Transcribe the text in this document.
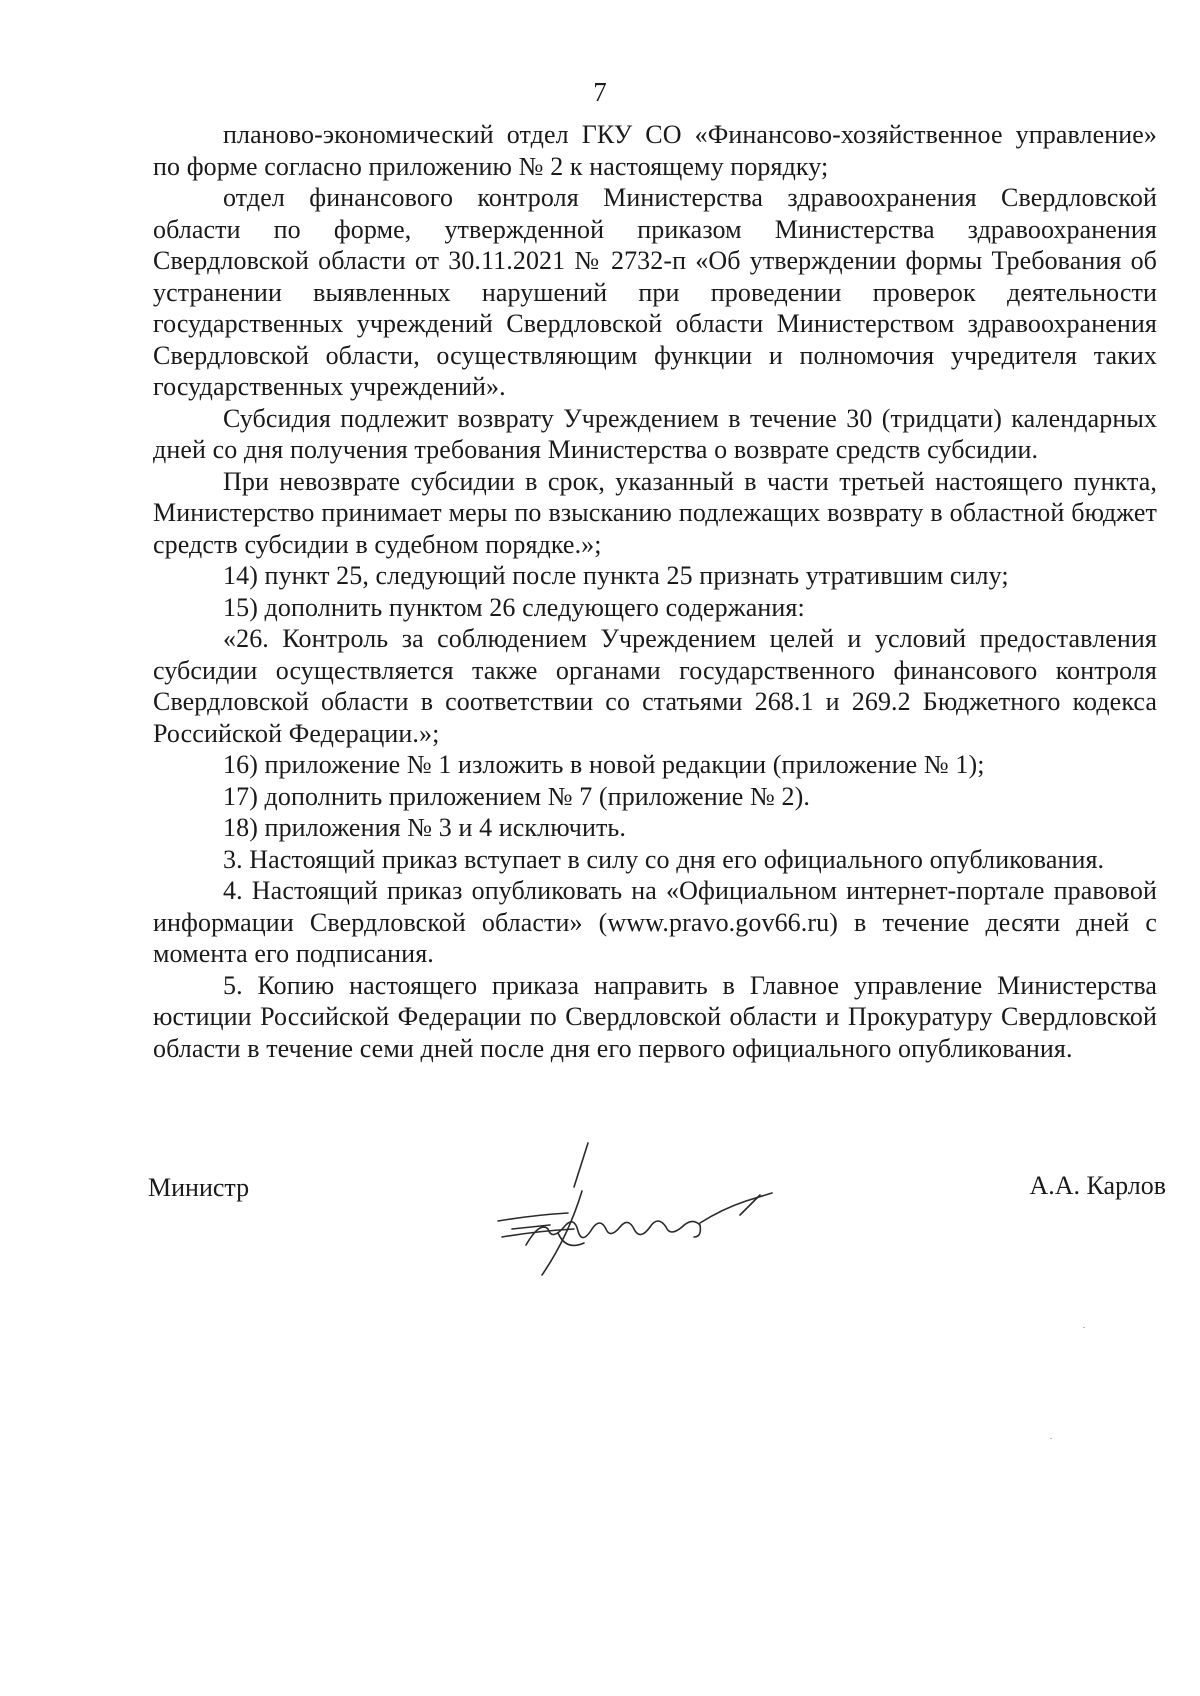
7

планово-экономический отдел ГКУ СО «Финансово-хозяйственное управление» по форме согласно приложению № 2 к настоящему порядку;

отдел финансового контроля Министерства здравоохранения Свердловской области по форме, утвержденной приказом Министерства здравоохранения Свердловской области от 30.11.2021 № 2732-п «Об утверждении формы Требования об устранении выявленных нарушений при проведении проверок деятельности государственных учреждений Свердловской области Министерством здравоохранения Свердловской области, осуществляющим функции и полномочия учредителя таких государственных учреждений».

Субсидия подлежит возврату Учреждением в течение 30 (тридцати) календарных дней со дня получения требования Министерства о возврате средств субсидии.

При невозврате субсидии в срок, указанный в части третьей настоящего пункта, Министерство принимает меры по взысканию подлежащих возврату в областной бюджет средств субсидии в судебном порядке.»;

14) пункт 25, следующий после пункта 25 признать утратившим силу;

15) дополнить пунктом 26 следующего содержания:

«26. Контроль за соблюдением Учреждением целей и условий предоставления субсидии осуществляется также органами государственного финансового контроля Свердловской области в соответствии со статьями 268.1 и 269.2 Бюджетного кодекса Российской Федерации.»;

16) приложение № 1 изложить в новой редакции (приложение № 1);

17) дополнить приложением № 7 (приложение № 2).

18) приложения № 3 и 4 исключить.

3. Настоящий приказ вступает в силу со дня его официального опубликования.

4. Настоящий приказ опубликовать на «Официальном интернет-портале правовой информации Свердловской области» (www.pravo.gov66.ru) в течение десяти дней с момента его подписания.

5. Копию настоящего приказа направить в Главное управление Министерства юстиции Российской Федерации по Свердловской области и Прокуратуру Свердловской области в течение семи дней после дня его первого официального опубликования.

Министр	А.А. Карлов
